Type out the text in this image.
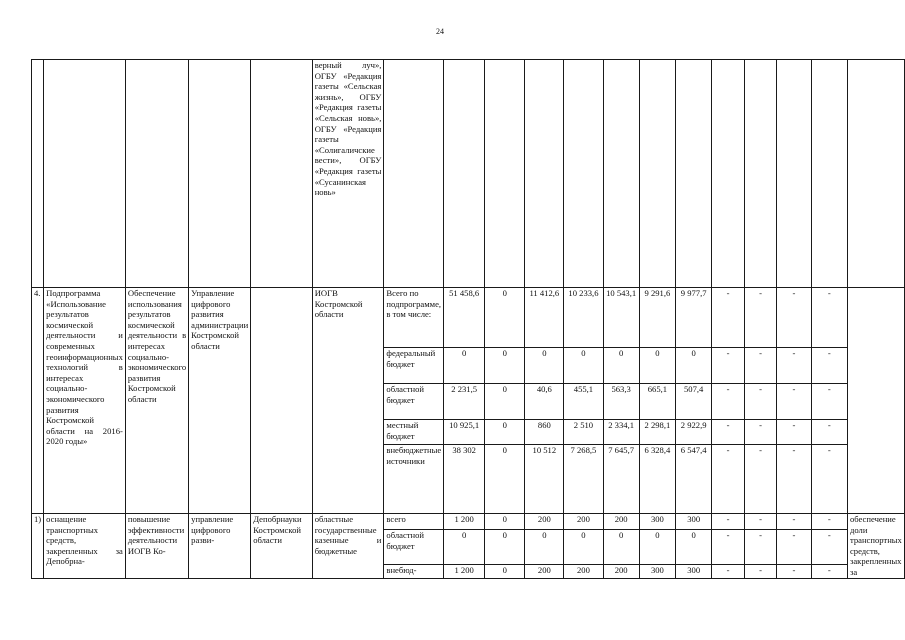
24
					верный луч», ОГБУ «Редакция газеты «Сельская жизнь», ОГБУ «Редакция газеты «Сельская новь», ОГБУ «Редакция газеты «Солигаличские вести», ОГБУ «Редакция газеты «Сусанинская новь»													
4.	Подпрограмма «Использование результатов космической деятельности и современных геоинформационных технологий в интересах социально-экономического развития Костромской области на 2016-2020 годы»	Обеспечение использования результатов космической деятельности в интересах социально-экономического развития Костромской области	Управление цифрового развития администрации Костромской области		ИОГВ Костромской области	Всего по подпрограмме, в том числе:	51 458,6	0	11 412,6	10 233,6	10 543,1	9 291,6	9 977,7	-	-	-	-	
						федеральный бюджет	0	0	0	0	0	0	0	-	-	-	-	
						областной бюджет	2 231,5	0	40,6	455,1	563,3	665,1	507,4	-	-	-	-	
						местный бюджет	10 925,1	0	860	2 510	2 334,1	2 298,1	2 922,9	-	-	-	-	
						внебюджетные источники	38 302	0	10 512	7 268,5	7 645,7	6 328,4	6 547,4	-	-	-	-	
1)	оснащение транспортных средств, закрепленных за Депобрна-	повышение эффективности деятельности ИОГВ Ко-	управление цифрового разви-	Депобрнауки Костромской области	областные государственные казенные и бюджетные	всего	1 200	0	200	200	200	300	300	-	-	-	-	обеспечение доли транспортных средств, закрепленных за
						областной бюджет	0	0	0	0	0	0	0	-	-	-	-	
						внебюд-	1 200	0	200	200	200	300	300	-	-	-	-	
